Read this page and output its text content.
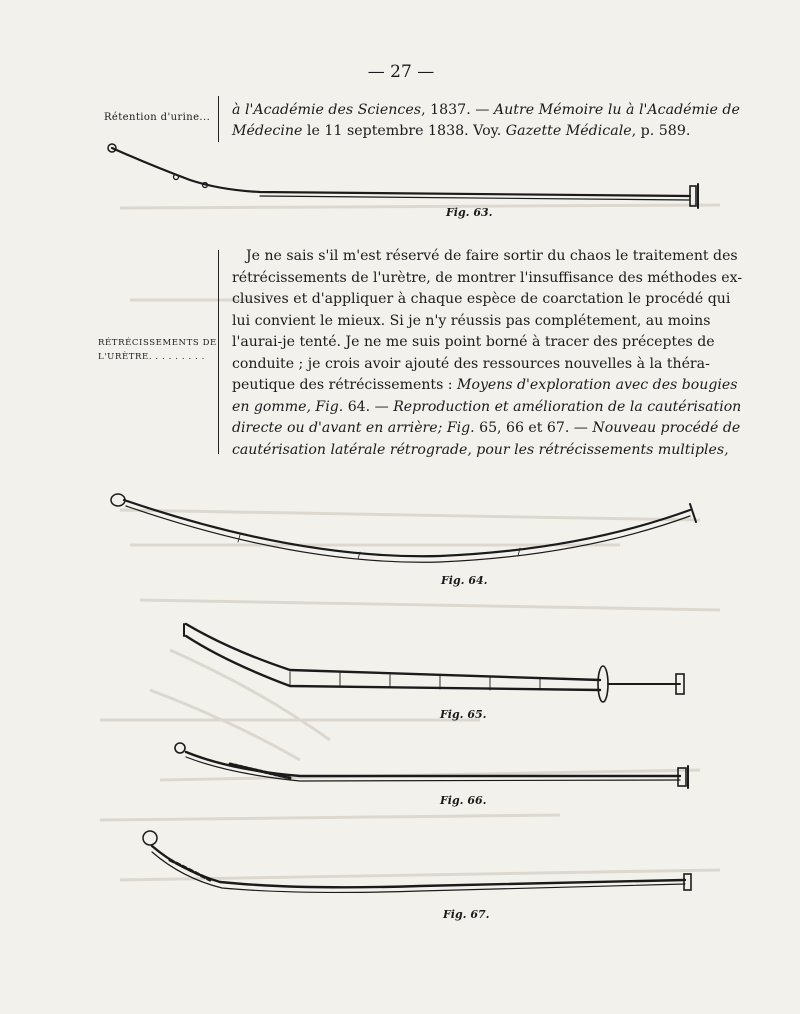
— 27 —
Rétention d'urine... à l'Académie des Sciences, 1837. — Autre Mémoire lu à l'Académie de
Médecine le 11 septembre 1838. Voy. Gazette Médicale, p. 589.
RÉTRÉCISSEMENTS DE
L'URÈTRE. . . . . . . . .
Je ne sais s'il m'est réservé de faire sortir du chaos le traitement des
rétrécissements de l'urètre, de montrer l'insuffisance des méthodes ex-
clusives et d'appliquer à chaque espèce de coarctation le procédé qui
lui convient le mieux. Si je n'y réussis pas complétement, au moins
l'aurai-je tenté. Je ne me suis point borné à tracer des préceptes de
conduite ; je crois avoir ajouté des ressources nouvelles à la théra-
peutique des rétrécissements : Moyens d'exploration avec des bougies
en gomme, Fig. 64. — Reproduction et amélioration de la cautérisation
directe ou d'avant en arrière; Fig. 65, 66 et 67. — Nouveau procédé de
cautérisation latérale rétrograde, pour les rétrécissements multiples,
Fig. 63.
Fig. 64.
Fig. 65.
Fig. 66.
Fig. 67.
